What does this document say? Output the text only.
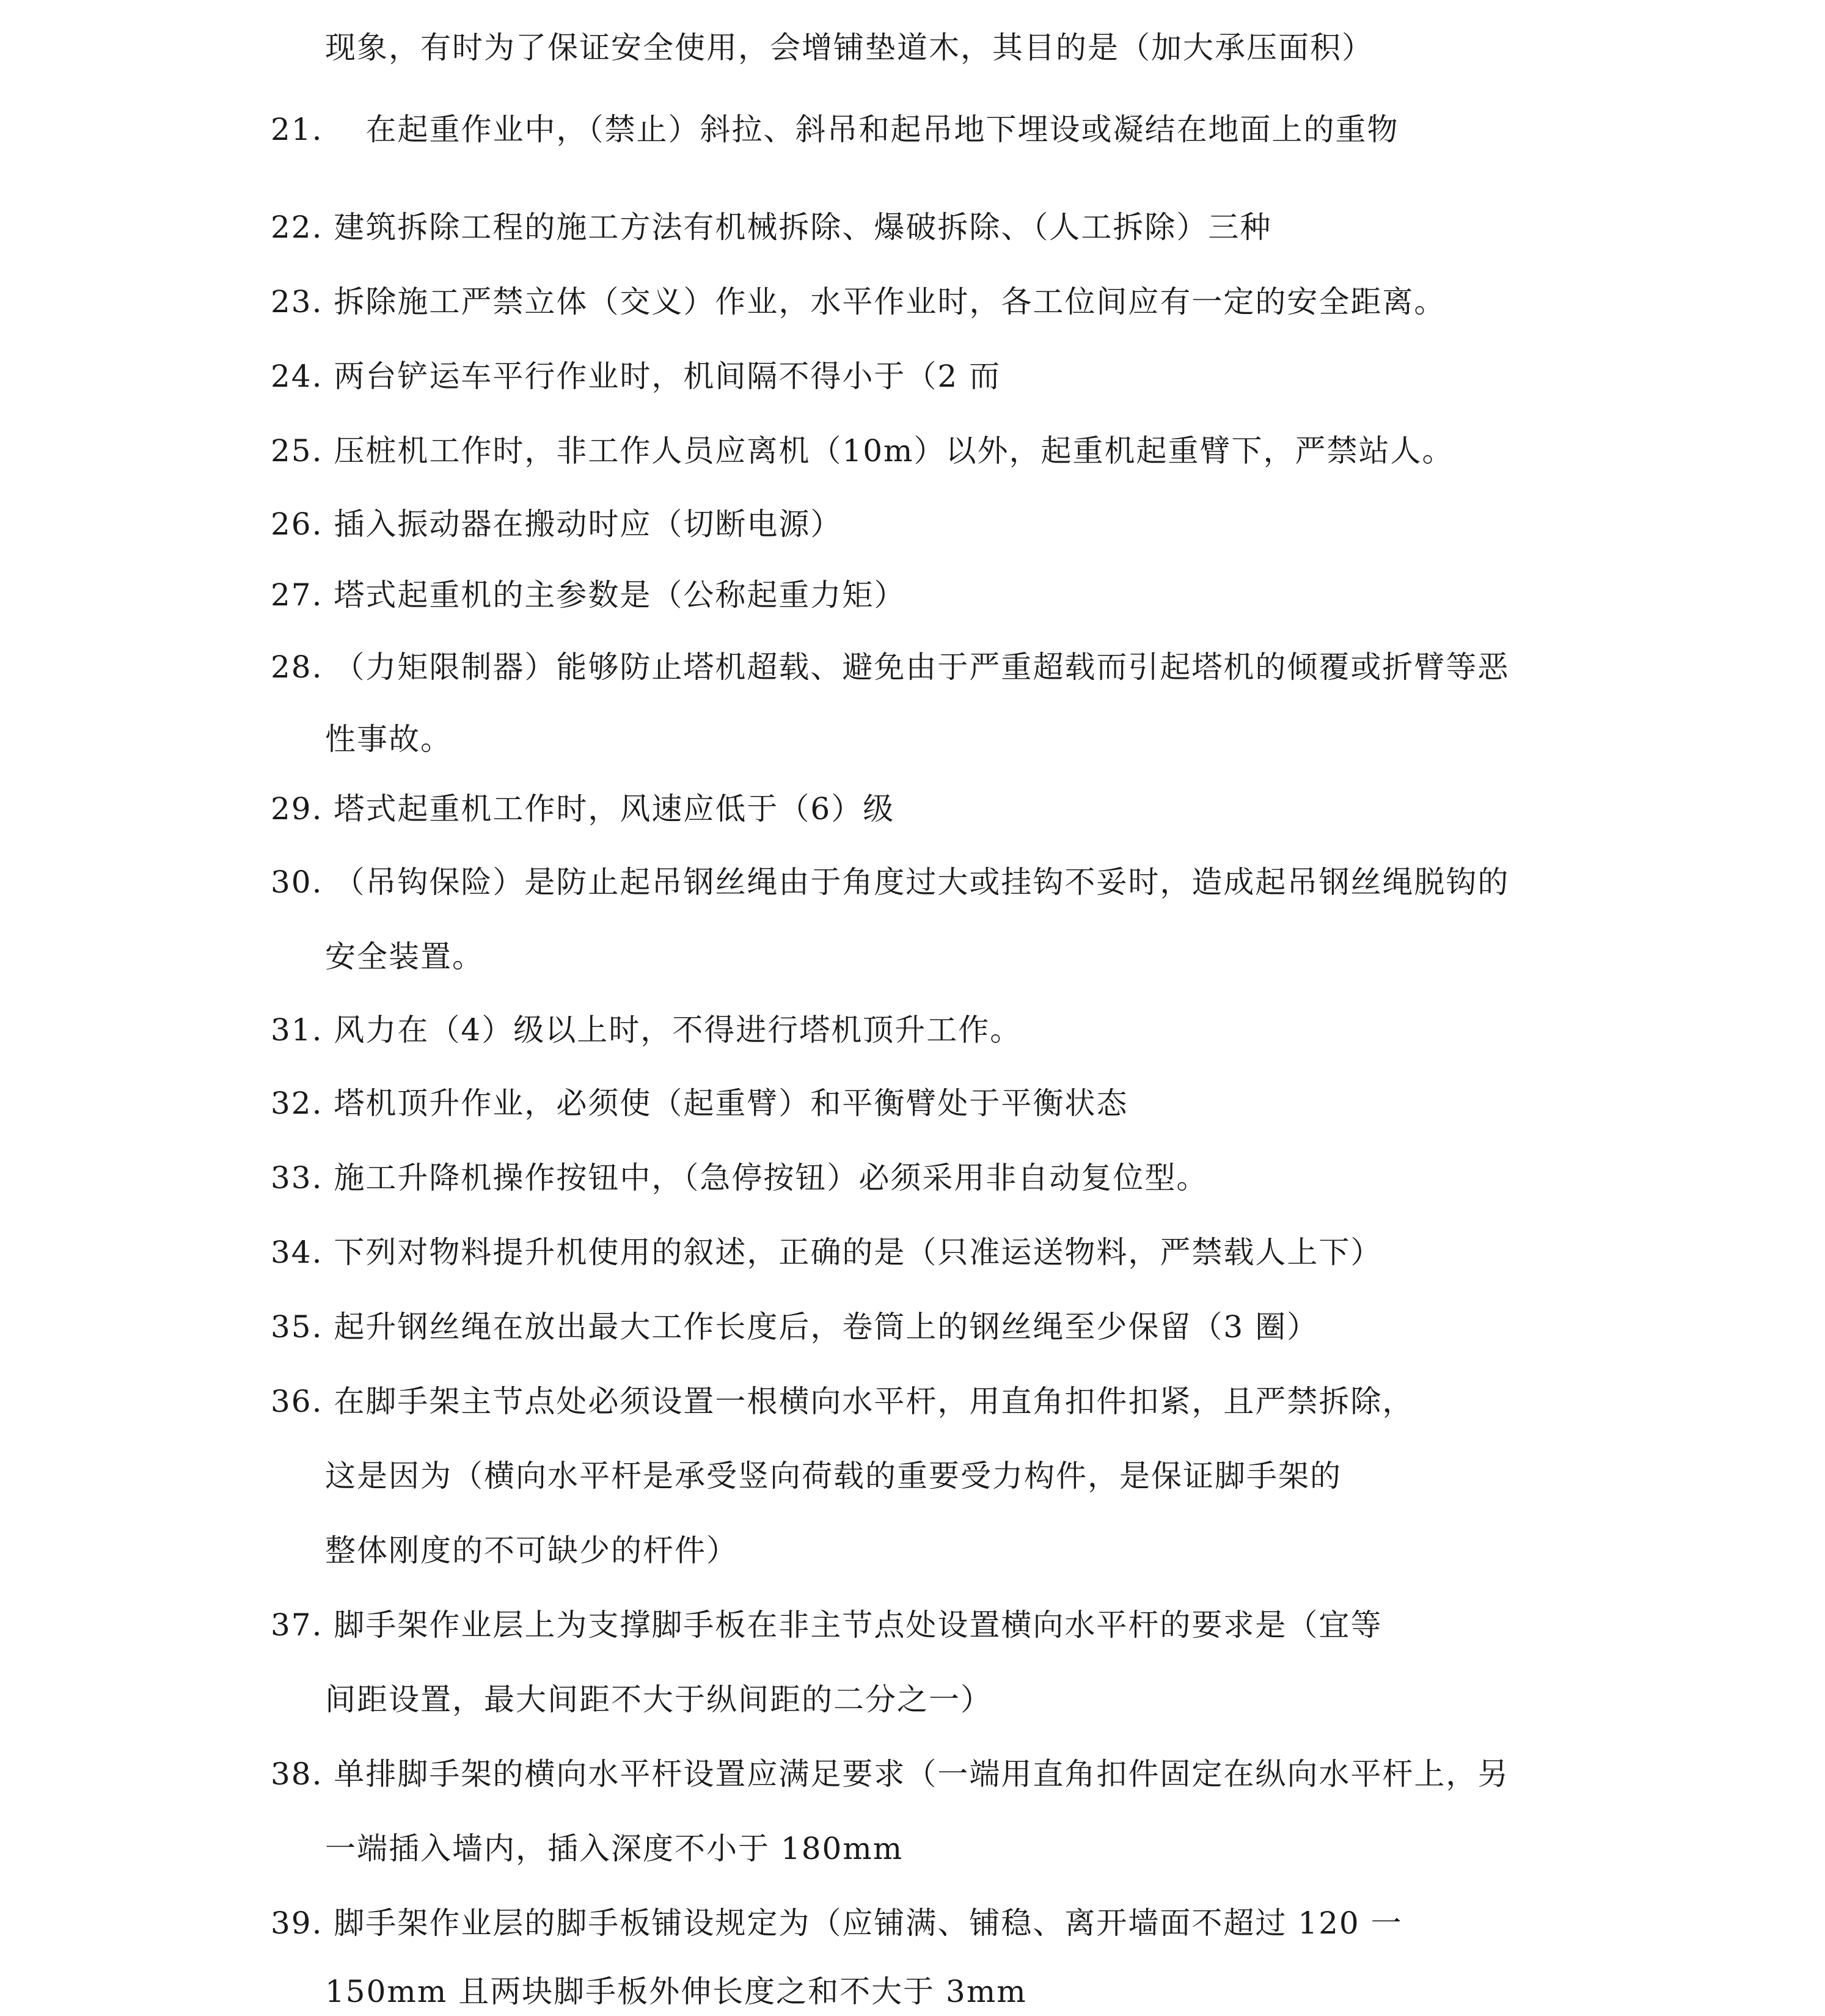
现象，有时为了保证安全使用，会增铺垫道木，其目的是（加大承压面积）
21. 在起重作业中，（禁止）斜拉、斜吊和起吊地下埋设或凝结在地面上的重物
22. 建筑拆除工程的施工方法有机械拆除、爆破拆除、（人工拆除）三种
23. 拆除施工严禁立体（交义）作业，水平作业时，各工位间应有一定的安全距离。
24. 两台铲运车平行作业时，机间隔不得小于（2 而
25. 压桩机工作时，非工作人员应离机（10m）以外，起重机起重臂下，严禁站人。
26. 插入振动器在搬动时应（切断电源）
27. 塔式起重机的主参数是（公称起重力矩）
28. （力矩限制器）能够防止塔机超载、避免由于严重超载而引起塔机的倾覆或折臂等恶
性事故。
29. 塔式起重机工作时，风速应低于（6）级
30. （吊钩保险）是防止起吊钢丝绳由于角度过大或挂钩不妥时，造成起吊钢丝绳脱钩的
安全装置。
31. 风力在（4）级以上时，不得进行塔机顶升工作。
32. 塔机顶升作业，必须使（起重臂）和平衡臂处于平衡状态
33. 施工升降机操作按钮中，（急停按钮）必须采用非自动复位型。
34. 下列对物料提升机使用的叙述，正确的是（只准运送物料，严禁载人上下）
35. 起升钢丝绳在放出最大工作长度后，卷筒上的钢丝绳至少保留（3 圈）
36. 在脚手架主节点处必须设置一根横向水平杆，用直角扣件扣紧，且严禁拆除，
这是因为（横向水平杆是承受竖向荷载的重要受力构件，是保证脚手架的
整体刚度的不可缺少的杆件）
37. 脚手架作业层上为支撑脚手板在非主节点处设置横向水平杆的要求是（宜等
间距设置，最大间距不大于纵间距的二分之一）
38. 单排脚手架的横向水平杆设置应满足要求（一端用直角扣件固定在纵向水平杆上，另
一端插入墙内，插入深度不小于 180mm
39. 脚手架作业层的脚手板铺设规定为（应铺满、铺稳、离开墙面不超过 120 一
150mm 且两块脚手板外伸长度之和不大于 3mm
